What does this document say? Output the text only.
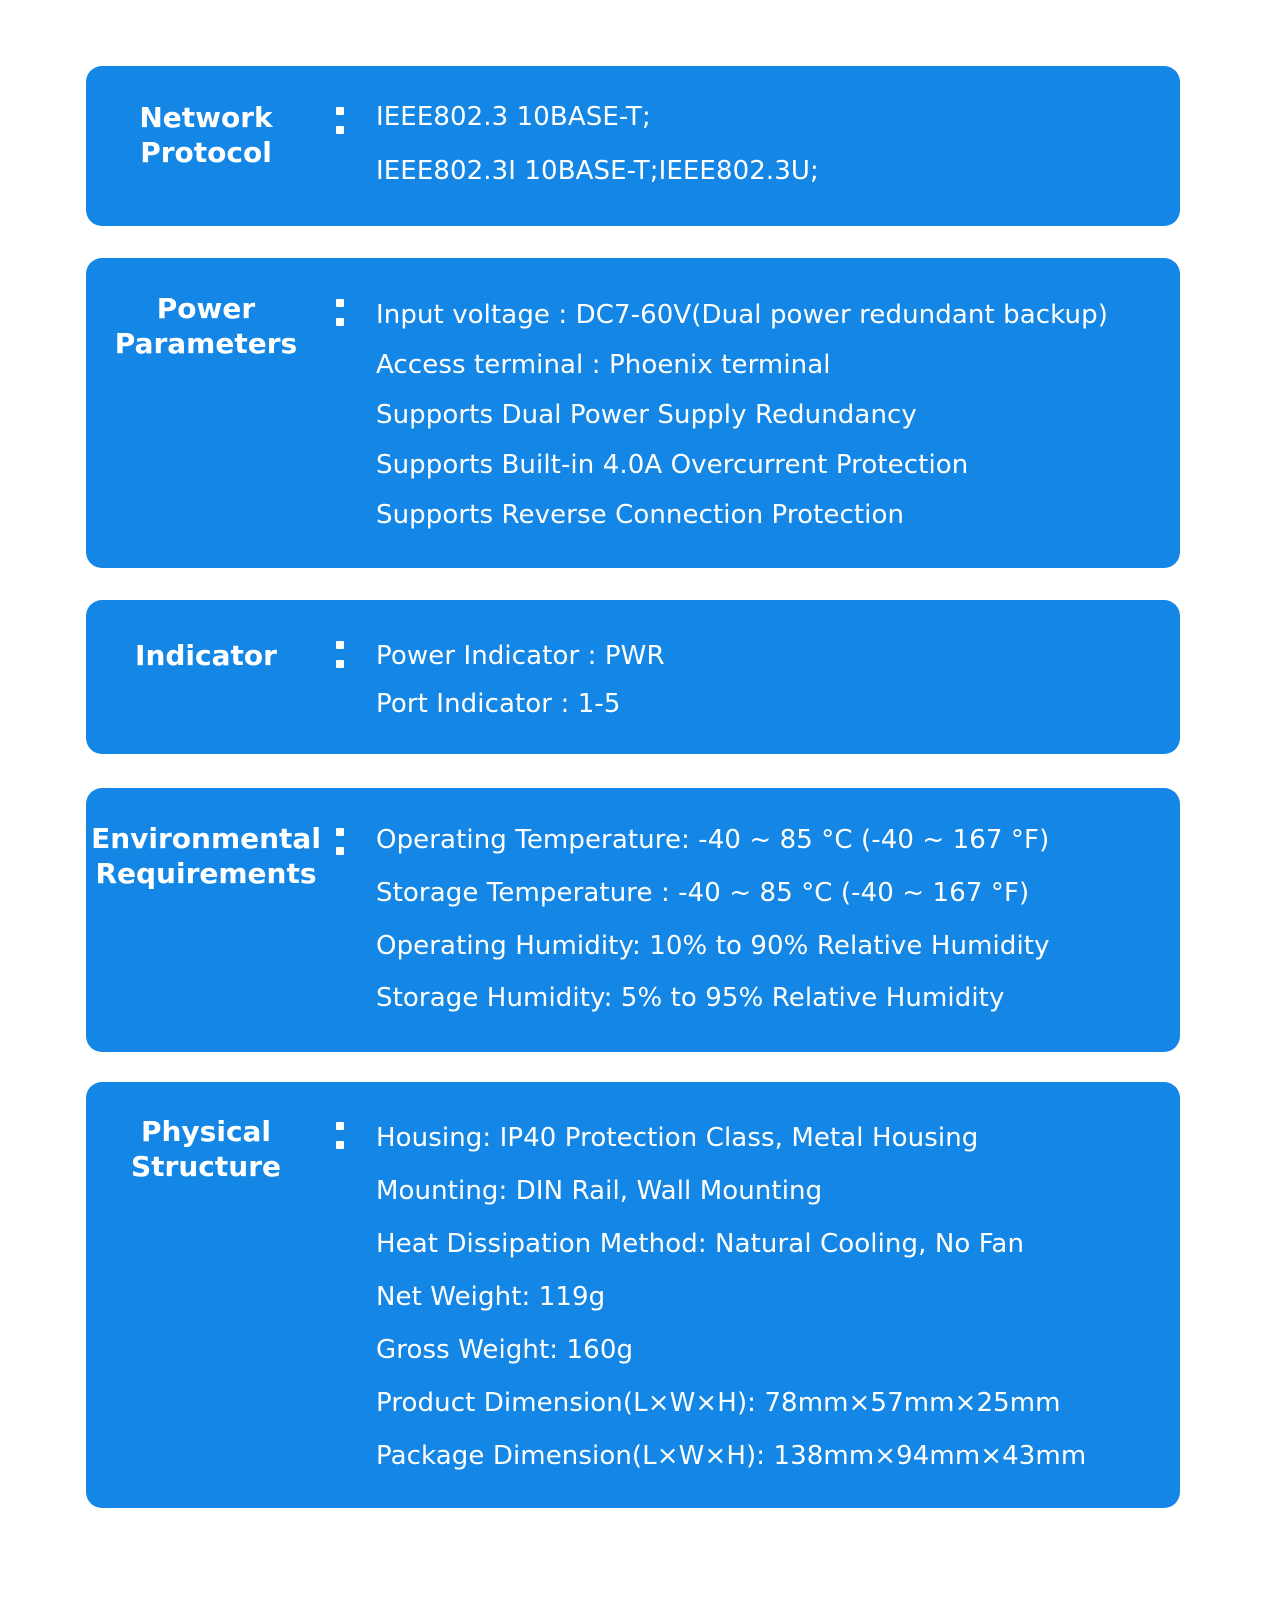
Network
Protocol
IEEE802.3 10BASE-T;
IEEE802.3I 10BASE-T;IEEE802.3U;
Power
Parameters
Input voltage : DC7-60V(Dual power redundant backup)
Access terminal : Phoenix terminal
Supports Dual Power Supply Redundancy
Supports Built-in 4.0A Overcurrent Protection
Supports Reverse Connection Protection
Indicator	Power Indicator : PWR
Port Indicator : 1-5
Environmental
Requirements
Operating Temperature: -40 ~ 85 °C (-40 ~ 167 °F)
Storage Temperature : -40 ~ 85 °C (-40 ~ 167 °F)
Operating Humidity: 10% to 90% Relative Humidity
Storage Humidity: 5% to 95% Relative Humidity
Physical
Structure
Housing: IP40 Protection Class, Metal Housing
Mounting: DIN Rail, Wall Mounting
Heat Dissipation Method: Natural Cooling, No Fan
Net Weight: 119g
Gross Weight: 160g
Product Dimension(L×W×H): 78mm×57mm×25mm
Package Dimension(L×W×H): 138mm×94mm×43mm
